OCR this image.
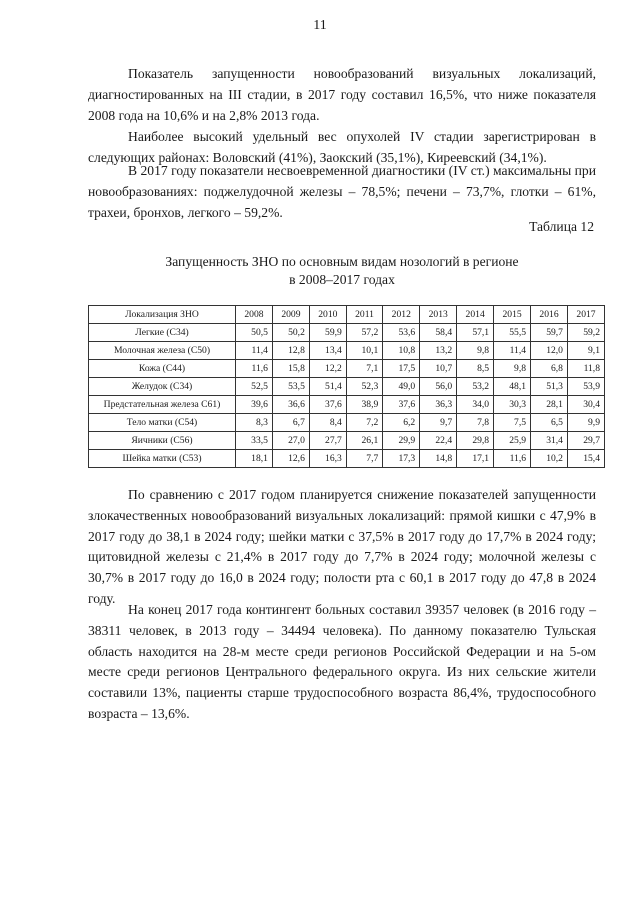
11

Показатель запущенности новообразований визуальных локализаций, диагностированных на III стадии, в 2017 году составил 16,5%, что ниже показателя 2008 года на 10,6% и на 2,8% 2013 года.

Наиболее высокий удельный вес опухолей IV стадии зарегистрирован в следующих районах: Воловский (41%), Заокский (35,1%), Киреевский (34,1%).

В 2017 году показатели несвоевременной диагностики (IV ст.) максимальны при новообразованиях: поджелудочной железы – 78,5%; печени – 73,7%, глотки – 61%, трахеи, бронхов, легкого – 59,2%.

Таблица 12
Запущенность ЗНО по основным видам нозологий в регионе
в 2008–2017 годах
Локализация ЗНО	2008	2009	2010	2011	2012	2013	2014	2015	2016	2017
Легкие (С34)	50,5	50,2	59,9	57,2	53,6	58,4	57,1	55,5	59,7	59,2
Молочная железа (С50)	11,4	12,8	13,4	10,1	10,8	13,2	9,8	11,4	12,0	9,1
Кожа (С44)	11,6	15,8	12,2	7,1	17,5	10,7	8,5	9,8	6,8	11,8
Желудок (С34)	52,5	53,5	51,4	52,3	49,0	56,0	53,2	48,1	51,3	53,9
Предстательная железа С61)	39,6	36,6	37,6	38,9	37,6	36,3	34,0	30,3	28,1	30,4
Тело матки (С54)	8,3	6,7	8,4	7,2	6,2	9,7	7,8	7,5	6,5	9,9
Яичники (С56)	33,5	27,0	27,7	26,1	29,9	22,4	29,8	25,9	31,4	29,7
Шейка матки (С53)	18,1	12,6	16,3	7,7	17,3	14,8	17,1	11,6	10,2	15,4

По сравнению с 2017 годом планируется снижение показателей запущенности злокачественных новообразований визуальных локализаций: прямой кишки с 47,9% в 2017 году до 38,1 в 2024 году; шейки матки с 37,5% в 2017 году до 17,7% в 2024 году; щитовидной железы с 21,4% в 2017 году до 7,7% в 2024 году; молочной железы с 30,7% в 2017 году до 16,0 в 2024 году; полости рта с 60,1 в 2017 году до 47,8 в 2024 году.

На конец 2017 года контингент больных составил 39357 человек (в 2016 году – 38311 человек, в 2013 году – 34494 человека). По данному показателю Тульская область находится на 28-м месте среди регионов Российской Федерации и на 5-ом месте среди регионов Центрального федерального округа. Из них сельские жители составили 13%, пациенты старше трудоспособного возраста 86,4%, трудоспособного возраста – 13,6%.
